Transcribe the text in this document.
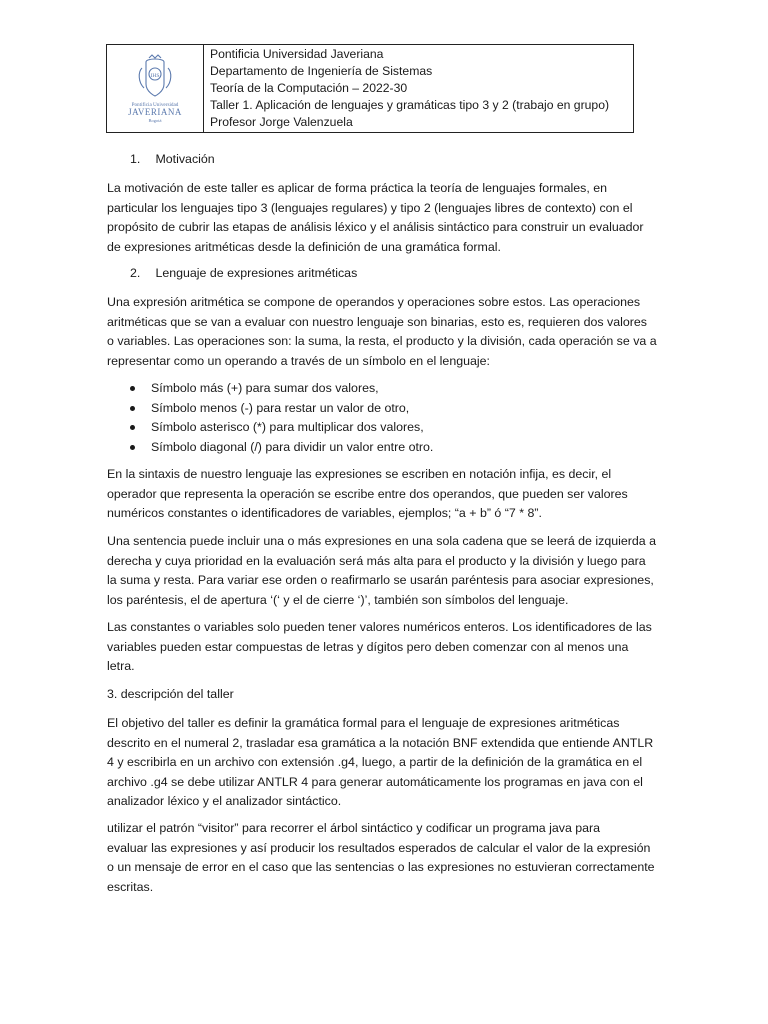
IHS
Pontificia Universidad
JAVERIANA
Bogotá
Pontificia Universidad Javeriana
Departamento de Ingeniería de Sistemas
Teoría de la Computación – 2022-30
Taller 1. Aplicación de lenguajes y gramáticas tipo 3 y 2 (trabajo en grupo)
Profesor Jorge Valenzuela
1. Motivación

La motivación de este taller es aplicar de forma práctica la teoría de lenguajes formales, en

particular los lenguajes tipo 3 (lenguajes regulares) y tipo 2 (lenguajes libres de contexto) con el

propósito de cubrir las etapas de análisis léxico y el análisis sintáctico para construir un evaluador

de expresiones aritméticas desde la definición de una gramática formal.

2. Lenguaje de expresiones aritméticas

Una expresión aritmética se compone de operandos y operaciones sobre estos. Las operaciones

aritméticas que se van a evaluar con nuestro lenguaje son binarias, esto es, requieren dos valores

o variables. Las operaciones son: la suma, la resta, el producto y la división, cada operación se va a

representar como un operando a través de un símbolo en el lenguaje:

Símbolo más (+) para sumar dos valores,
Símbolo menos (-) para restar un valor de otro,
Símbolo asterisco (*) para multiplicar dos valores,
Símbolo diagonal (/) para dividir un valor entre otro.

En la sintaxis de nuestro lenguaje las expresiones se escriben en notación infija, es decir, el

operador que representa la operación se escribe entre dos operandos, que pueden ser valores

numéricos constantes o identificadores de variables, ejemplos; “a + b” ó “7 * 8”.

Una sentencia puede incluir una o más expresiones en una sola cadena que se leerá de izquierda a

derecha y cuya prioridad en la evaluación será más alta para el producto y la división y luego para

la suma y resta. Para variar ese orden o reafirmarlo se usarán paréntesis para asociar expresiones,

los paréntesis, el de apertura ‘(‘ y el de cierre ‘)’, también son símbolos del lenguaje.

Las constantes o variables solo pueden tener valores numéricos enteros. Los identificadores de las

variables pueden estar compuestas de letras y dígitos pero deben comenzar con al menos una

letra.

3. descripción del taller

El objetivo del taller es definir la gramática formal para el lenguaje de expresiones aritméticas

descrito en el numeral 2, trasladar esa gramática a la notación BNF extendida que entiende ANTLR

4 y escribirla en un archivo con extensión .g4, luego, a partir de la definición de la gramática en el

archivo .g4 se debe utilizar ANTLR 4 para generar automáticamente los programas en java con el

analizador léxico y el analizador sintáctico.

utilizar el patrón “visitor” para recorrer el árbol sintáctico y codificar un programa java para

evaluar las expresiones y así producir los resultados esperados de calcular el valor de la expresión

o un mensaje de error en el caso que las sentencias o las expresiones no estuvieran correctamente

escritas.
